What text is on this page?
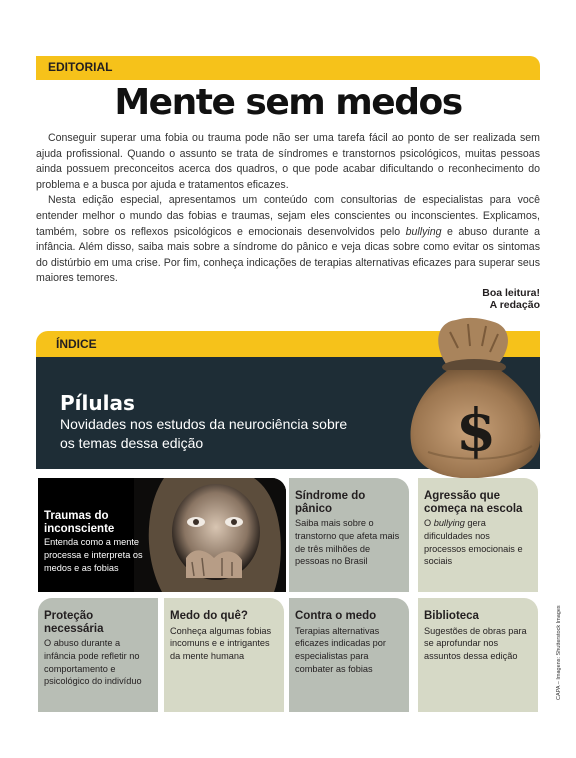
EDITORIAL
Mente sem medos

Conseguir superar uma fobia ou trauma pode não ser uma tarefa fácil ao ponto de ser realizada sem ajuda profissional. Quando o assunto se trata de síndromes e transtornos psicológicos, muitas pessoas ainda possuem preconceitos acerca dos quadros, o que pode acabar dificultando o reconhecimento do problema e a busca por ajuda e tratamentos eficazes.

Nesta edição especial, apresentamos um conteúdo com consultorias de especialistas para você entender melhor o mundo das fobias e traumas, sejam eles conscientes ou inconscientes. Explicamos, também, sobre os reflexos psicológicos e emocionais desenvolvidos pelo bullying e abuso durante a infância. Além disso, saiba mais sobre a síndrome do pânico e veja dicas sobre como evitar os sintomas do distúrbio em uma crise. Por fim, conheça indicações de terapias alternativas eficazes para superar seus maiores temores.

Boa leitura!
A redação
ÍNDICE
Pílulas
Novidades nos estudos da neurociência sobre os temas dessa edição	$
Traumas do inconsciente

Entenda como a mente processa e interpreta os medos e as fobias

Síndrome do pânico

Saiba mais sobre o transtorno que afeta mais de três milhões de pessoas no Brasil

Agressão que começa na escola

O bullying gera dificuldades nos processos emocionais e sociais

Proteção necessária

O abuso durante a infância pode refletir no comportamento e psicológico do indivíduo

Medo do quê?

Conheça algumas fobias incomuns e e intrigantes da mente humana

Contra o medo

Terapias alternativas eficazes indicadas por especialistas para combater as fobias

Biblioteca

Sugestões de obras para se aprofundar nos assuntos dessa edição	CAPA – Imagens: Shutterstock Images
